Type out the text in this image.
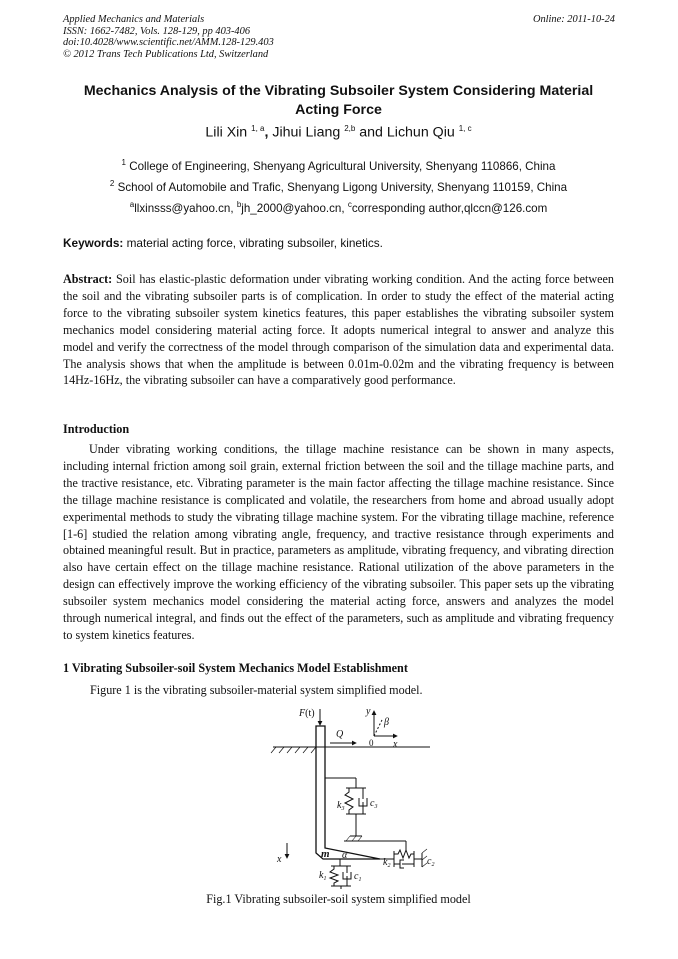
Applied Mechanics and Materials
ISSN: 1662-7482, Vols. 128-129, pp 403-406
doi:10.4028/www.scientific.net/AMM.128-129.403
© 2012 Trans Tech Publications Ltd, Switzerland
Online: 2011-10-24
Mechanics Analysis of the Vibrating Subsoiler System Considering Material Acting Force
Lili Xin $^{1, a}$, Jihui Liang $^{2,b}$ and Lichun Qiu $^{1, c}$
$^1$ College of Engineering, Shenyang Agricultural University, Shenyang 110866, China
$^2$ School of Automobile and Trafic, Shenyang Ligong University, Shenyang 110159, China
$^a$llxinsss@yahoo.cn, $^b$jh_2000@yahoo.cn, $^c$corresponding author,qlccn@126.com
Keywords: material acting force, vibrating subsoiler, kinetics.

Abstract: Soil has elastic-plastic deformation under vibrating working condition. And the acting force between the soil and the vibrating subsoiler parts is of complication. In order to study the effect of the material acting force to the vibrating subsoiler system kinetics features, this paper establishes the vibrating subsoiler system mechanics model considering material acting force. It adopts numerical integral to answer and analyze this model and verify the correctness of the model through comparison of the simulation data and experimental data. The analysis shows that when the amplitude is between 0.01m-0.02m and the vibrating frequency is between 14Hz-16Hz, the vibrating subsoiler can have a comparatively good performance.

Introduction

Under vibrating working conditions, the tillage machine resistance can be shown in many aspects, including internal friction among soil grain, external friction between the soil and the tillage machine parts, and the tractive resistance, etc. Vibrating parameter is the main factor affecting the tillage machine resistance. Since the tillage machine resistance is complicated and volatile, the researchers from home and abroad usually adopt experimental methods to study the vibrating tillage machine system. For the vibrating tillage machine, reference [1-6] studied the relation among vibrating angle, frequency, and tractive resistance through experiments and obtained meaningful result. But in practice, parameters as amplitude, vibrating frequency, and vibrating direction also have certain effect on the tillage machine resistance. Rational utilization of the above parameters in the design can effectively improve the working efficiency of the vibrating subsoiler. This paper sets up the vibrating subsoiler system mechanics model considering the material acting force, answers and analyzes the model through numerical integral, and finds out the effect of the parameters, such as amplitude and vibrating frequency to system kinetics features.

1 Vibrating Subsoiler-soil System Mechanics Model Establishment
Figure 1 is the vibrating subsoiler-material system simplified model.
F(t)
Q
y
β
0 x
$k_3$	$c_3$
$k_2$	$c_2$
$k_1$	$c_1$
m α
x
Fig.1 Vibrating subsoiler-soil system simplified model
